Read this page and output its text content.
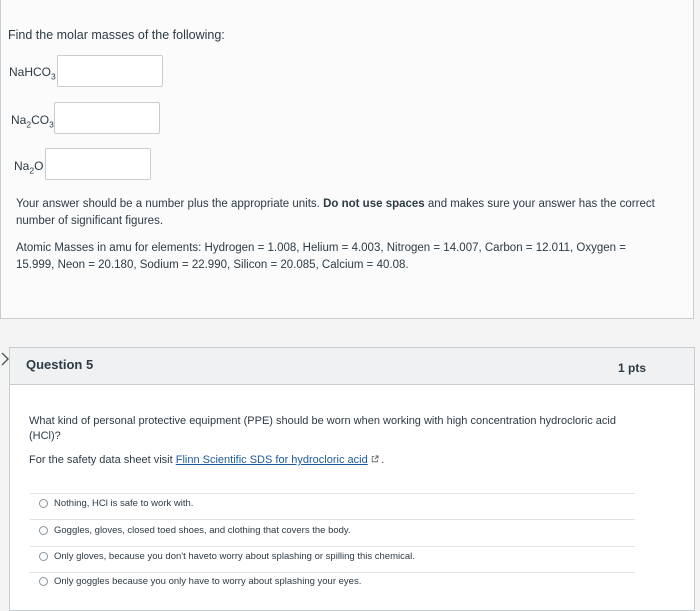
Find the molar masses of the following:
NaHCO$_3$
$Na_2CO_3$
$Na_2O$
Your answer should be a number plus the appropriate units. Do not use spaces and makes sure your answer has the correct number of significant figures.
Atomic Masses in amu for elements: Hydrogen = 1.008, Helium = 4.003, Nitrogen = 14.007, Carbon = 12.011, Oxygen = 15.999, Neon = 20.180, Sodium = 22.990, Silicon = 20.085, Calcium = 40.08.
Question 5	1 pts
What kind of personal protective equipment (PPE) should be worn when working with high concentration hydrocloric acid (HCl)?
For the safety data sheet visit Flinn Scientific SDS for hydrocloric acid .
Nothing, HCl is safe to work with.
Goggles, gloves, closed toed shoes, and clothing that covers the body.
Only gloves, because you don't haveto worry about splashing or spilling this chemical.
Only goggles because you only have to worry about splashing your eyes.
